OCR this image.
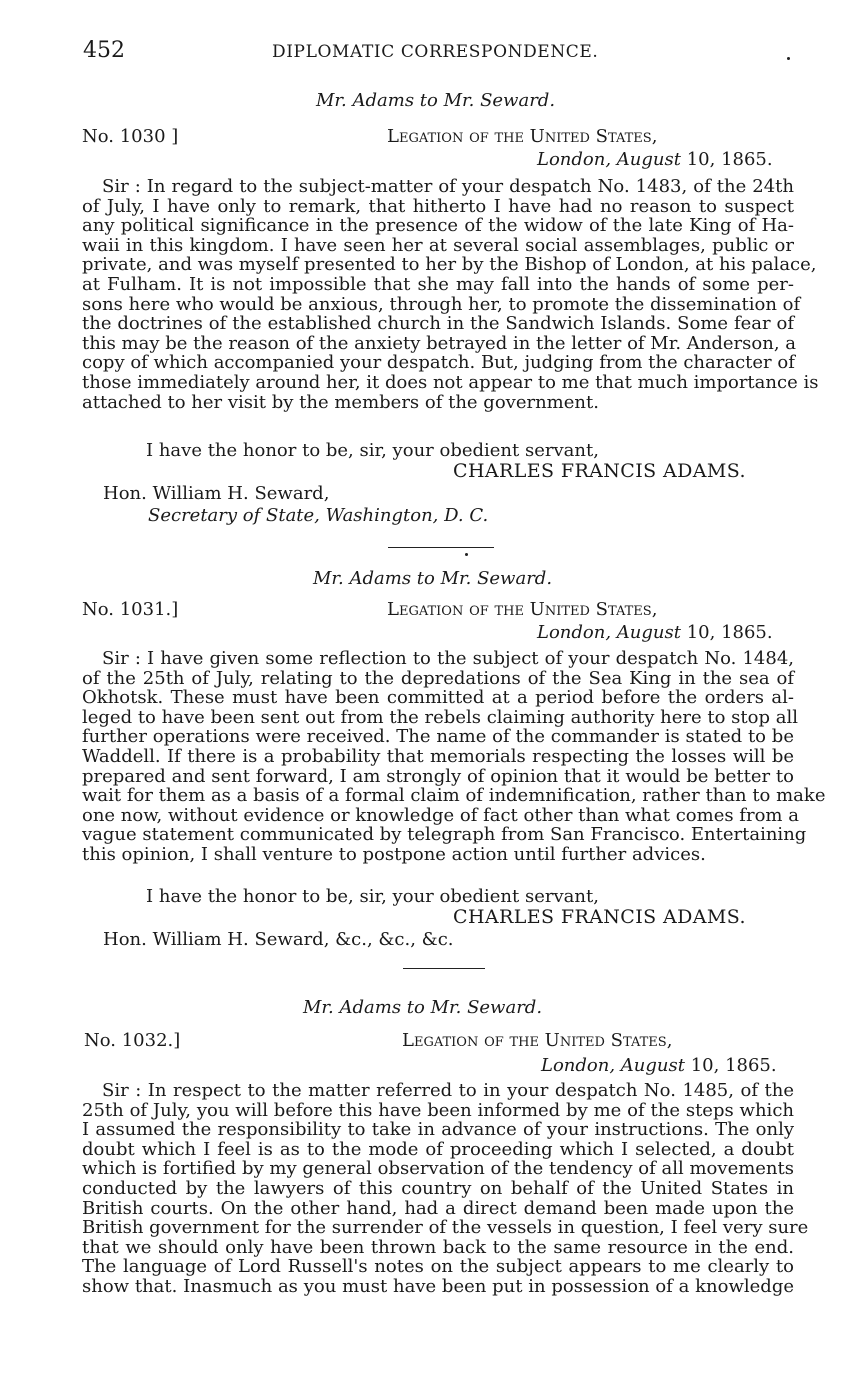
452	DIPLOMATIC CORRESPONDENCE.
Mr. Adams to Mr. Seward.
No. 1030 ]	Legation of the United States,
London, August 10, 1865.
Sir : In regard to the subject-matter of your despatch No. 1483, of the 24th
of July, I have only to remark, that hitherto I have had no reason to suspect
any political significance in the presence of the widow of the late King of Ha-
waii in this kingdom. I have seen her at several social assemblages, public or
private, and was myself presented to her by the Bishop of London, at his palace,
at Fulham. It is not impossible that she may fall into the hands of some per-
sons here who would be anxious, through her, to promote the dissemination of
the doctrines of the established church in the Sandwich Islands. Some fear of
this may be the reason of the anxiety betrayed in the letter of Mr. Anderson, a
copy of which accompanied your despatch. But, judging from the character of
those immediately around her, it does not appear to me that much importance is
attached to her visit by the members of the government.
I have the honor to be, sir, your obedient servant,
CHARLES FRANCIS ADAMS.
Hon. William H. Seward,
Secretary of State, Washington, D. C.
Mr. Adams to Mr. Seward.
No. 1031.]	Legation of the United States,
London, August 10, 1865.
Sir : I have given some reflection to the subject of your despatch No. 1484,
of the 25th of July, relating to the depredations of the Sea King in the sea of
Okhotsk. These must have been committed at a period before the orders al-
leged to have been sent out from the rebels claiming authority here to stop all
further operations were received. The name of the commander is stated to be
Waddell. If there is a probability that memorials respecting the losses will be
prepared and sent forward, I am strongly of opinion that it would be better to
wait for them as a basis of a formal claim of indemnification, rather than to make
one now, without evidence or knowledge of fact other than what comes from a
vague statement communicated by telegraph from San Francisco. Entertaining
this opinion, I shall venture to postpone action until further advices.
I have the honor to be, sir, your obedient servant,
CHARLES FRANCIS ADAMS.
Hon. William H. Seward, &c., &c., &c.
Mr. Adams to Mr. Seward.
No. 1032.]	Legation of the United States,
London, August 10, 1865.
Sir : In respect to the matter referred to in your despatch No. 1485, of the
25th of July, you will before this have been informed by me of the steps which
I assumed the responsibility to take in advance of your instructions. The only
doubt which I feel is as to the mode of proceeding which I selected, a doubt
which is fortified by my general observation of the tendency of all movements
conducted by the lawyers of this country on behalf of the United States in
British courts. On the other hand, had a direct demand been made upon the
British government for the surrender of the vessels in question, I feel very sure
that we should only have been thrown back to the same resource in the end.
The language of Lord Russell's notes on the subject appears to me clearly to
show that. Inasmuch as you must have been put in possession of a knowledge
